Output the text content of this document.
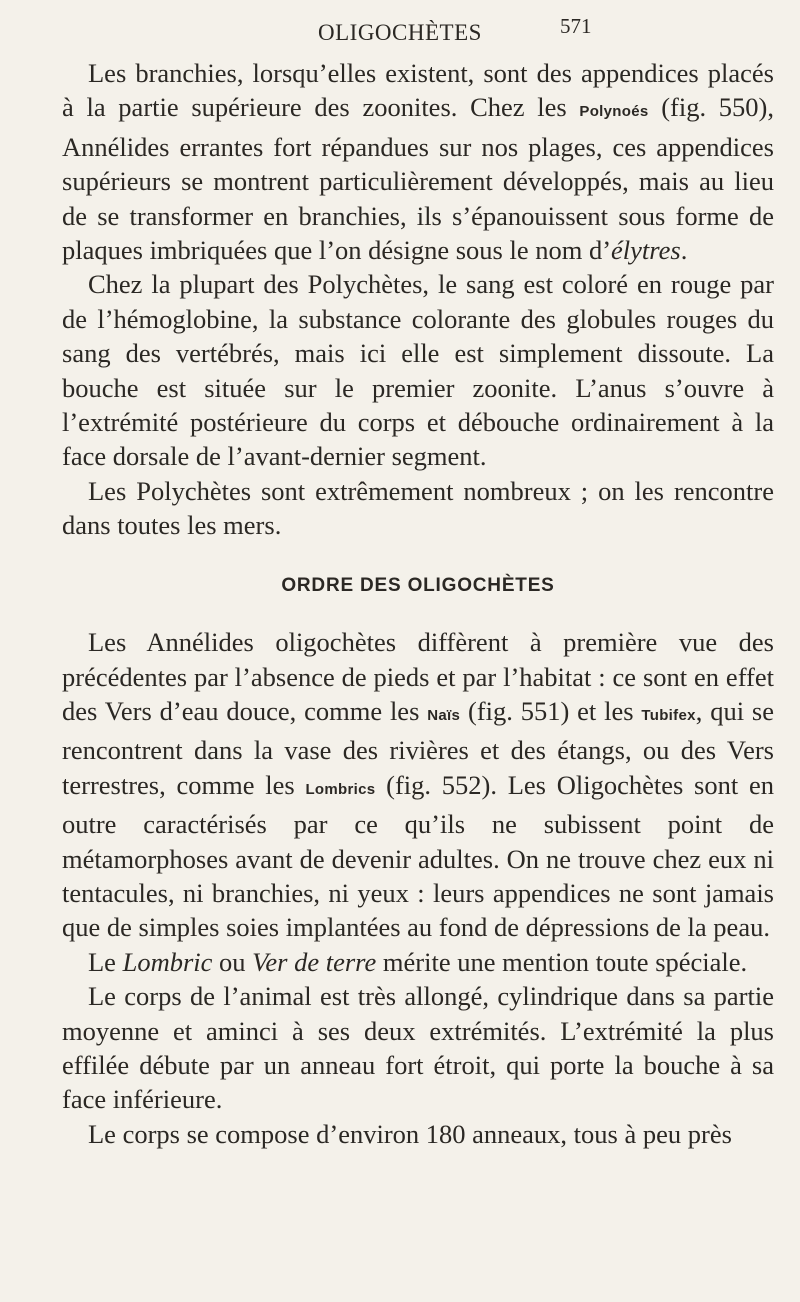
OLIGOCHÈTES	571

Les branchies, lorsqu’elles existent, sont des appendices placés à la partie supérieure des zoonites. Chez les Polynoés (fig. 550), Annélides errantes fort répandues sur nos plages, ces appendices supérieurs se montrent particulièrement développés, mais au lieu de se transformer en branchies, ils s’épanouissent sous forme de plaques imbriquées que l’on désigne sous le nom d’élytres.

Chez la plupart des Polychètes, le sang est coloré en rouge par de l’hémoglobine, la substance colorante des globules rouges du sang des vertébrés, mais ici elle est simplement dissoute. La bouche est située sur le premier zoonite. L’anus s’ouvre à l’extrémité postérieure du corps et débouche ordinairement à la face dorsale de l’avant-dernier segment.

Les Polychètes sont extrêmement nombreux ; on les rencontre dans toutes les mers.

ORDRE DES OLIGOCHÈTES

Les Annélides oligochètes diffèrent à première vue des précédentes par l’absence de pieds et par l’habitat : ce sont en effet des Vers d’eau douce, comme les Naïs (fig. 551) et les Tubifex, qui se rencontrent dans la vase des rivières et des étangs, ou des Vers terrestres, comme les Lombrics (fig. 552). Les Oligochètes sont en outre caractérisés par ce qu’ils ne subissent point de métamorphoses avant de devenir adultes. On ne trouve chez eux ni tentacules, ni branchies, ni yeux : leurs appendices ne sont jamais que de simples soies implantées au fond de dépressions de la peau.

Le Lombric ou Ver de terre mérite une mention toute spéciale.

Le corps de l’animal est très allongé, cylindrique dans sa partie moyenne et aminci à ses deux extrémités. L’extrémité la plus effilée débute par un anneau fort étroit, qui porte la bouche à sa face inférieure.

Le corps se compose d’environ 180 anneaux, tous à peu près
